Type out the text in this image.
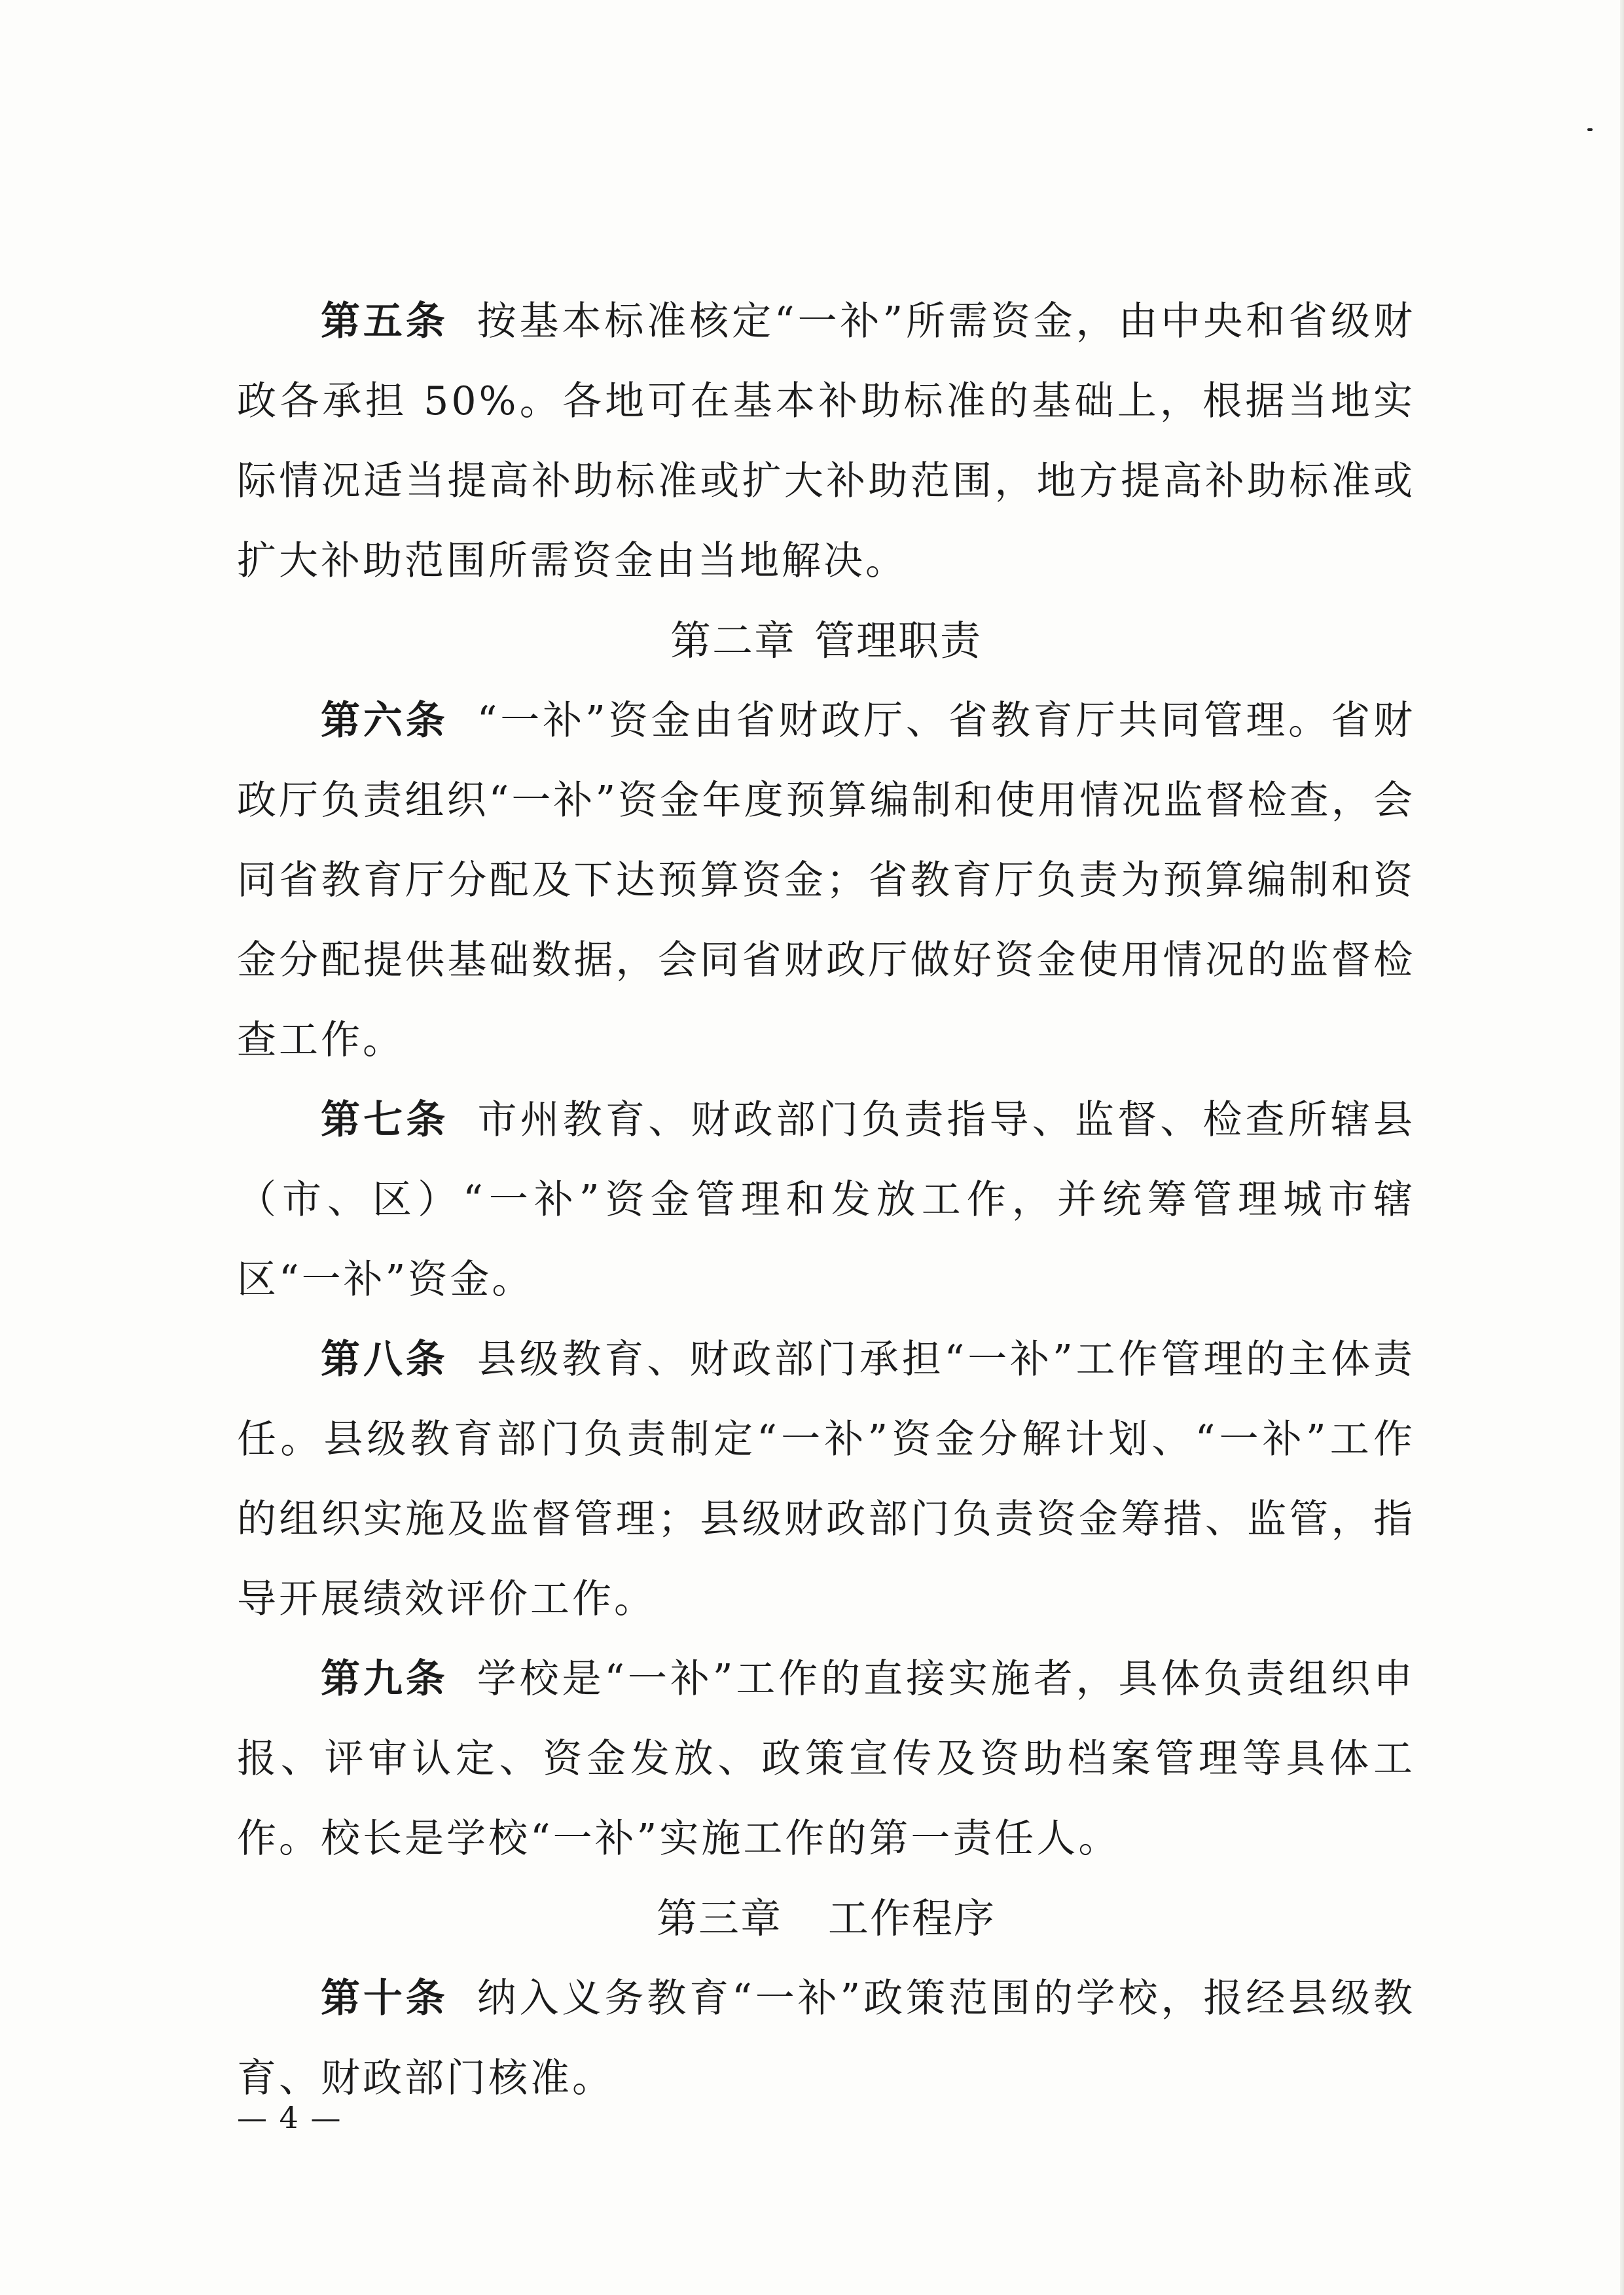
第五条 按基本标准核定“一补”所需资金，由中央和省级财政各承担 50%。各地可在基本补助标准的基础上，根据当地实际情况适当提高补助标准或扩大补助范围，地方提高补助标准或扩大补助范围所需资金由当地解决。

第二章 管理职责

第六条 “一补”资金由省财政厅、省教育厅共同管理。省财政厅负责组织“一补”资金年度预算编制和使用情况监督检查，会同省教育厅分配及下达预算资金；省教育厅负责为预算编制和资金分配提供基础数据，会同省财政厅做好资金使用情况的监督检查工作。

第七条 市州教育、财政部门负责指导、监督、检查所辖县（市、区）“一补”资金管理和发放工作，并统筹管理城市辖区“一补”资金。

第八条 县级教育、财政部门承担“一补”工作管理的主体责任。县级教育部门负责制定“一补”资金分解计划、“一补”工作的组织实施及监督管理；县级财政部门负责资金筹措、监管，指导开展绩效评价工作。

第九条 学校是“一补”工作的直接实施者，具体负责组织申报、评审认定、资金发放、政策宣传及资助档案管理等具体工作。校长是学校“一补”实施工作的第一责任人。

第三章 工作程序

第十条 纳入义务教育“一补”政策范围的学校，报经县级教育、财政部门核准。

— 4 —
